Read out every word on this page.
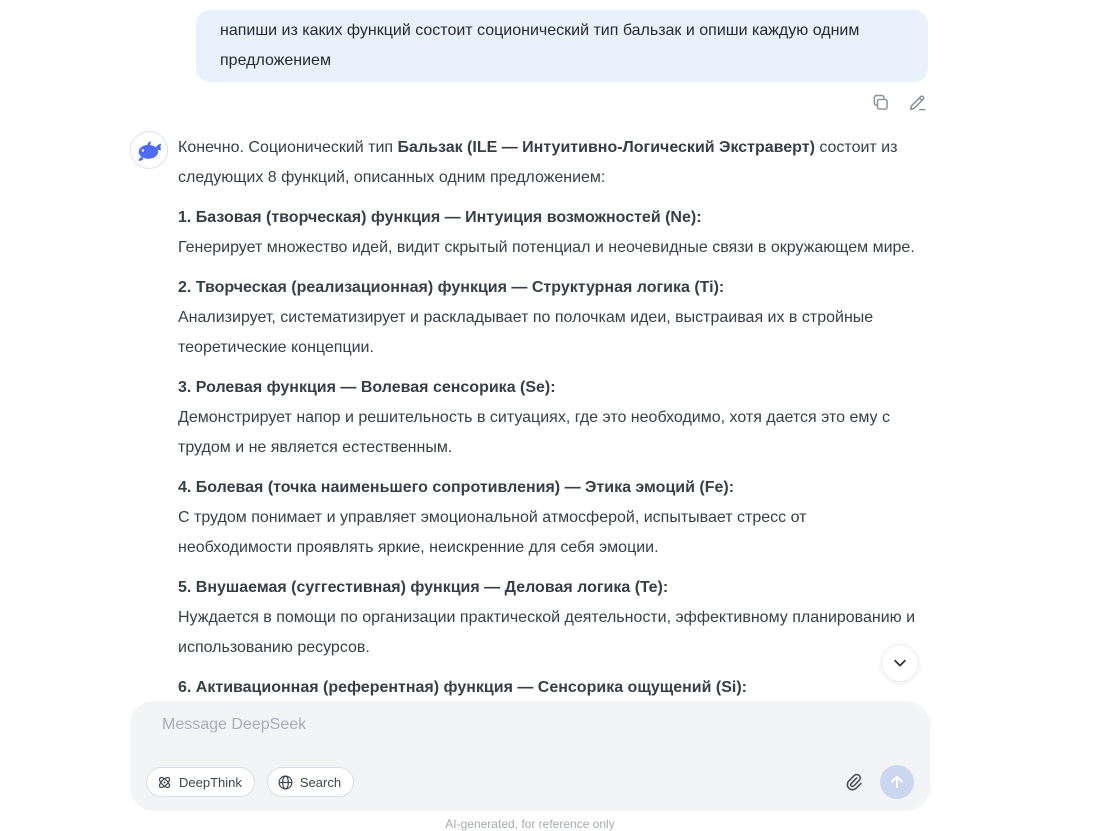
напиши из каких функций состоит соционический тип бальзак и опиши каждую одним предложением

Конечно. Соционический тип Бальзак (ILE — Интуитивно-Логический Экстраверт) состоит из следующих 8 функций, описанных одним предложением:

1. Базовая (творческая) функция — Интуиция возможностей (Ne):
Генерирует множество идей, видит скрытый потенциал и неочевидные связи в окружающем мире.

2. Творческая (реализационная) функция — Структурная логика (Ti):
Анализирует, систематизирует и раскладывает по полочкам идеи, выстраивая их в стройные теоретические концепции.

3. Ролевая функция — Волевая сенсорика (Se):
Демонстрирует напор и решительность в ситуациях, где это необходимо, хотя дается это ему с трудом и не является естественным.

4. Болевая (точка наименьшего сопротивления) — Этика эмоций (Fe):
С трудом понимает и управляет эмоциональной атмосферой, испытывает стресс от необходимости проявлять яркие, неискренние для себя эмоции.

5. Внушаемая (суггестивная) функция — Деловая логика (Te):
Нуждается в помощи по организации практической деятельности, эффективному планированию и использованию ресурсов.

6. Активационная (референтная) функция — Сенсорика ощущений (Si):

Message DeepSeek
DeepThink	Search
AI-generated, for reference only
